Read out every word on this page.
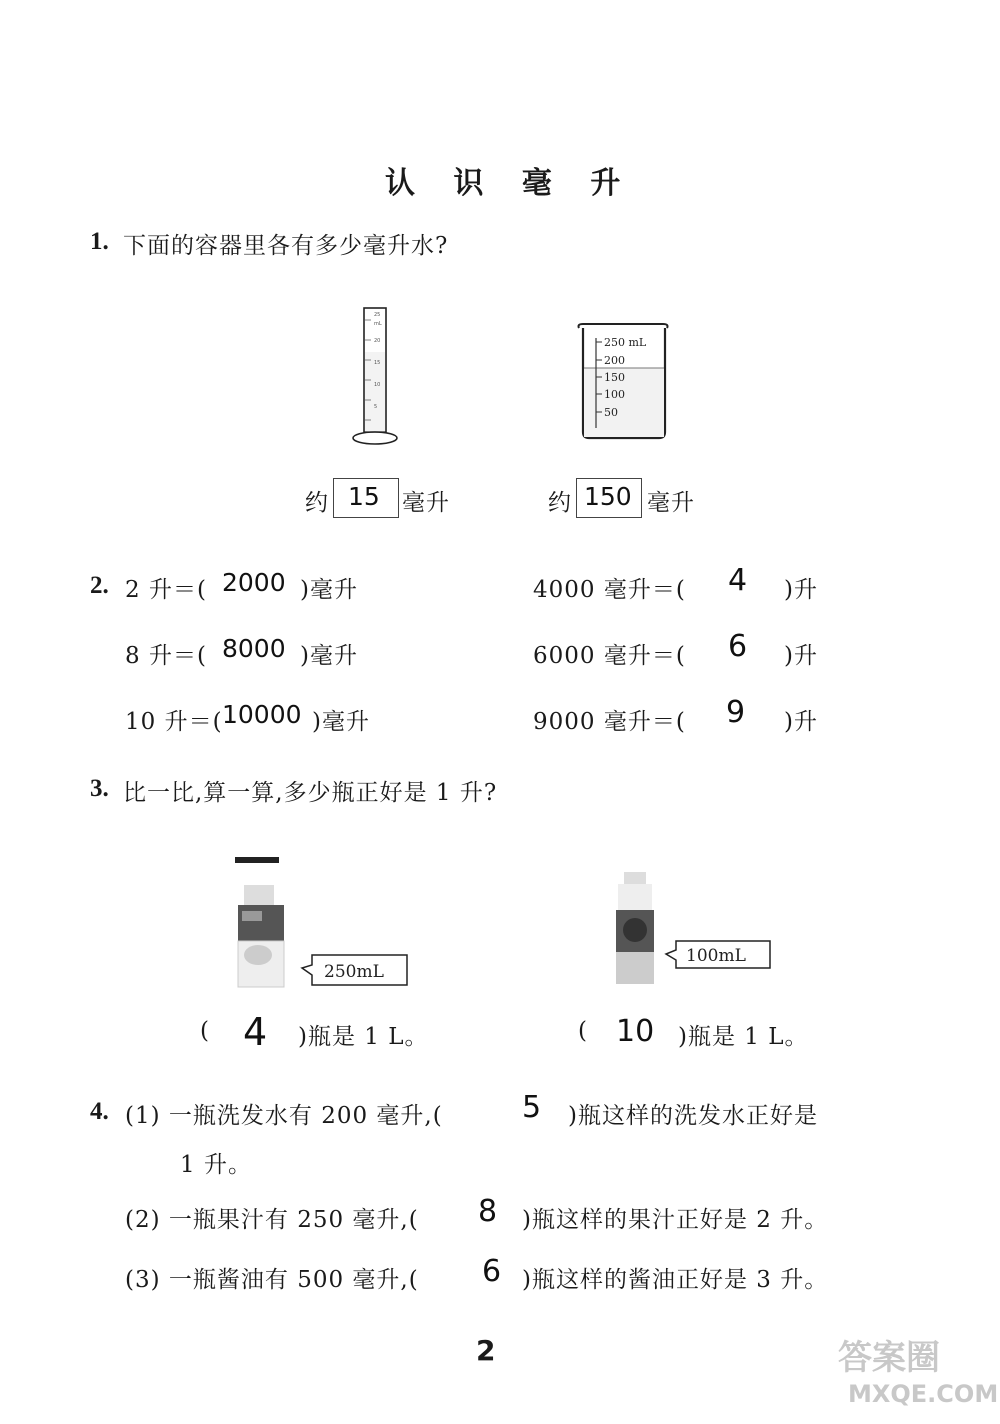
认 识 毫 升
1. 下面的容器里各有多少毫升水?
25
mL
20
15
10
5
250 mL
200
150
100
50
约 15 毫升	约 150 毫升
2. 2 升＝( 2000 )毫升	4000 毫升＝( 4 )升
8 升＝( 8000 )毫升	6000 毫升＝( 6 )升
10 升＝( 10000 )毫升	9000 毫升＝( 9 )升
3. 比一比,算一算,多少瓶正好是 1 升?
250mL
100mL
( 4 )瓶是 1 L。	( 10 )瓶是 1 L。
4. (1) 一瓶洗发水有 200 毫升,(	5 )瓶这样的洗发水正好是
1 升。
(2) 一瓶果汁有 250 毫升,( 8 )瓶这样的果汁正好是 2 升。
(3) 一瓶酱油有 500 毫升,( 6 )瓶这样的酱油正好是 3 升。
2	答案圈
MXQE.COM
